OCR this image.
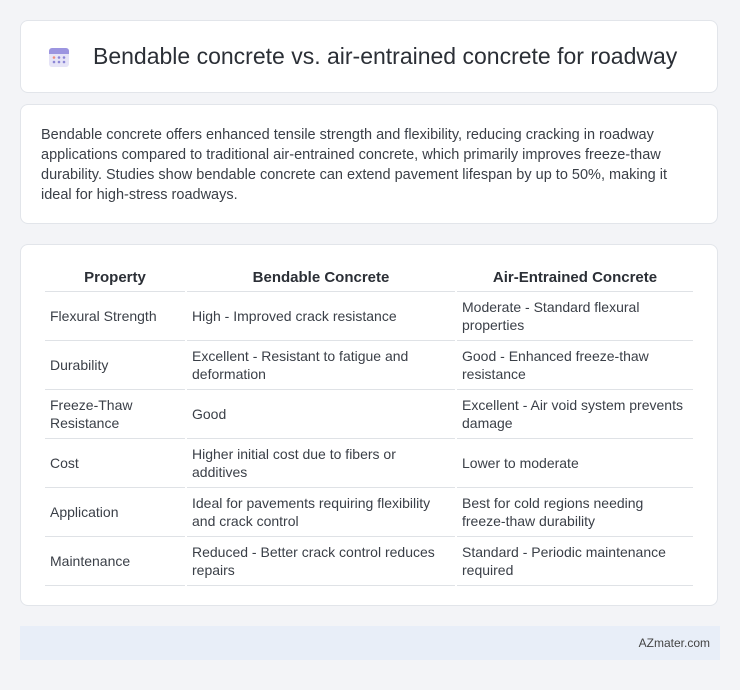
Bendable concrete vs. air-entrained concrete for roadway

Bendable concrete offers enhanced tensile strength and flexibility, reducing cracking in roadway applications compared to traditional air-entrained concrete, which primarily improves freeze-thaw durability. Studies show bendable concrete can extend pavement lifespan by up to 50%, making it ideal for high-stress roadways.

Property	Bendable Concrete	Air-Entrained Concrete
Flexural Strength	High - Improved crack resistance	Moderate - Standard flexural properties
Durability	Excellent - Resistant to fatigue and deformation	Good - Enhanced freeze-thaw resistance
Freeze-Thaw Resistance	Good	Excellent - Air void system prevents damage
Cost	Higher initial cost due to fibers or additives	Lower to moderate
Application	Ideal for pavements requiring flexibility and crack control	Best for cold regions needing freeze-thaw durability
Maintenance	Reduced - Better crack control reduces repairs	Standard - Periodic maintenance required
AZmater.com
